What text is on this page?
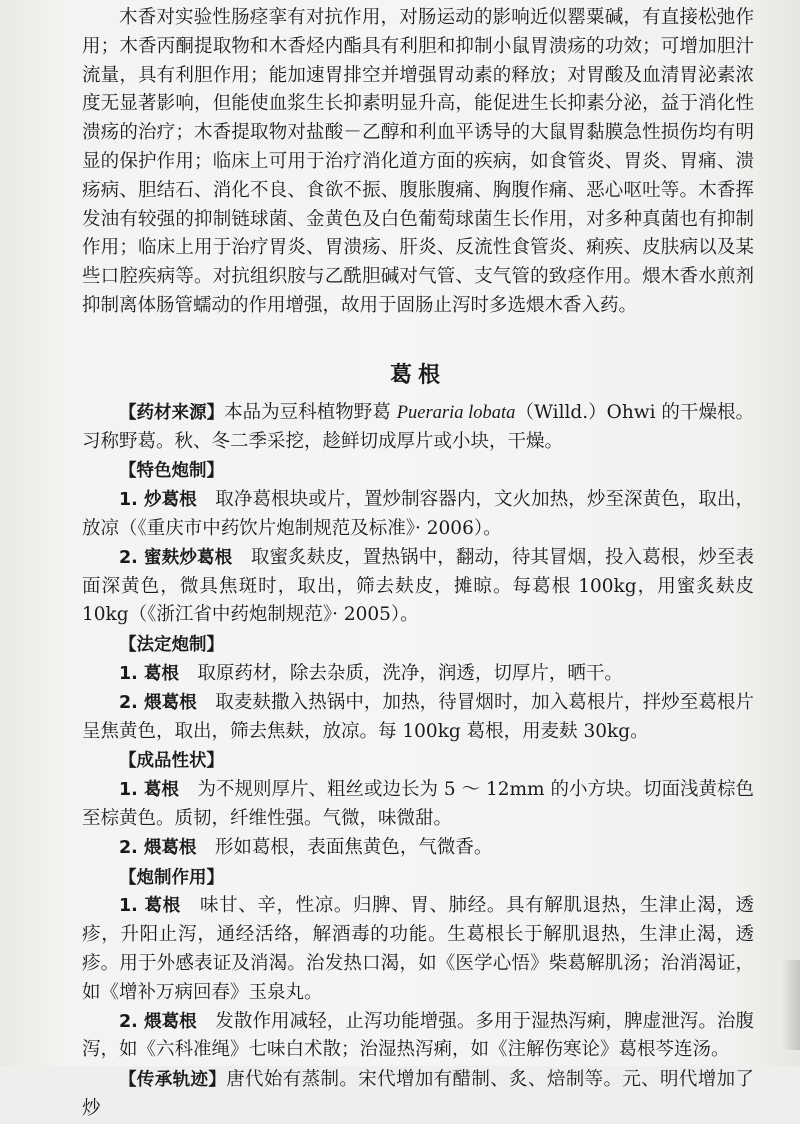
木香对实验性肠痉挛有对抗作用，对肠运动的影响近似罂粟碱，有直接松弛作用；木香丙酮提取物和木香烃内酯具有利胆和抑制小鼠胃溃疡的功效；可增加胆汁流量，具有利胆作用；能加速胃排空并增强胃动素的释放；对胃酸及血清胃泌素浓度无显著影响，但能使血浆生长抑素明显升高，能促进生长抑素分泌，益于消化性溃疡的治疗；木香提取物对盐酸－乙醇和利血平诱导的大鼠胃黏膜急性损伤均有明显的保护作用；临床上可用于治疗消化道方面的疾病，如食管炎、胃炎、胃痛、溃疡病、胆结石、消化不良、食欲不振、腹胀腹痛、胸腹作痛、恶心呕吐等。木香挥发油有较强的抑制链球菌、金黄色及白色葡萄球菌生长作用，对多种真菌也有抑制作用；临床上用于治疗胃炎、胃溃疡、肝炎、反流性食管炎、痢疾、皮肤病以及某些口腔疾病等。对抗组织胺与乙酰胆碱对气管、支气管的致痉作用。煨木香水煎剂抑制离体肠管蠕动的作用增强，故用于固肠止泻时多选煨木香入药。

葛根

【药材来源】本品为豆科植物野葛 Pueraria lobata（Willd.）Ohwi 的干燥根。习称野葛。秋、冬二季采挖，趁鲜切成厚片或小块，干燥。

【特色炮制】

1. 炒葛根　取净葛根块或片，置炒制容器内，文火加热，炒至深黄色，取出，放凉（《重庆市中药饮片炮制规范及标准》· 2006）。

2. 蜜麸炒葛根　取蜜炙麸皮，置热锅中，翻动，待其冒烟，投入葛根，炒至表面深黄色，微具焦斑时，取出，筛去麸皮，摊晾。每葛根 100kg，用蜜炙麸皮 10kg（《浙江省中药炮制规范》· 2005）。

【法定炮制】

1. 葛根　取原药材，除去杂质，洗净，润透，切厚片，晒干。

2. 煨葛根　取麦麸撒入热锅中，加热，待冒烟时，加入葛根片，拌炒至葛根片呈焦黄色，取出，筛去焦麸，放凉。每 100kg 葛根，用麦麸 30kg。

【成品性状】

1. 葛根　为不规则厚片、粗丝或边长为 5 ～ 12mm 的小方块。切面浅黄棕色至棕黄色。质韧，纤维性强。气微，味微甜。

2. 煨葛根　形如葛根，表面焦黄色，气微香。

【炮制作用】

1. 葛根　味甘、辛，性凉。归脾、胃、肺经。具有解肌退热，生津止渴，透疹，升阳止泻，通经活络，解酒毒的功能。生葛根长于解肌退热，生津止渴，透疹。用于外感表证及消渴。治发热口渴，如《医学心悟》柴葛解肌汤；治消渴证，如《增补万病回春》玉泉丸。

2. 煨葛根　发散作用减轻，止泻功能增强。多用于湿热泻痢，脾虚泄泻。治腹泻，如《六科准绳》七味白术散；治湿热泻痢，如《注解伤寒论》葛根芩连汤。

【传承轨迹】唐代始有蒸制。宋代增加有醋制、炙、焙制等。元、明代增加了炒
